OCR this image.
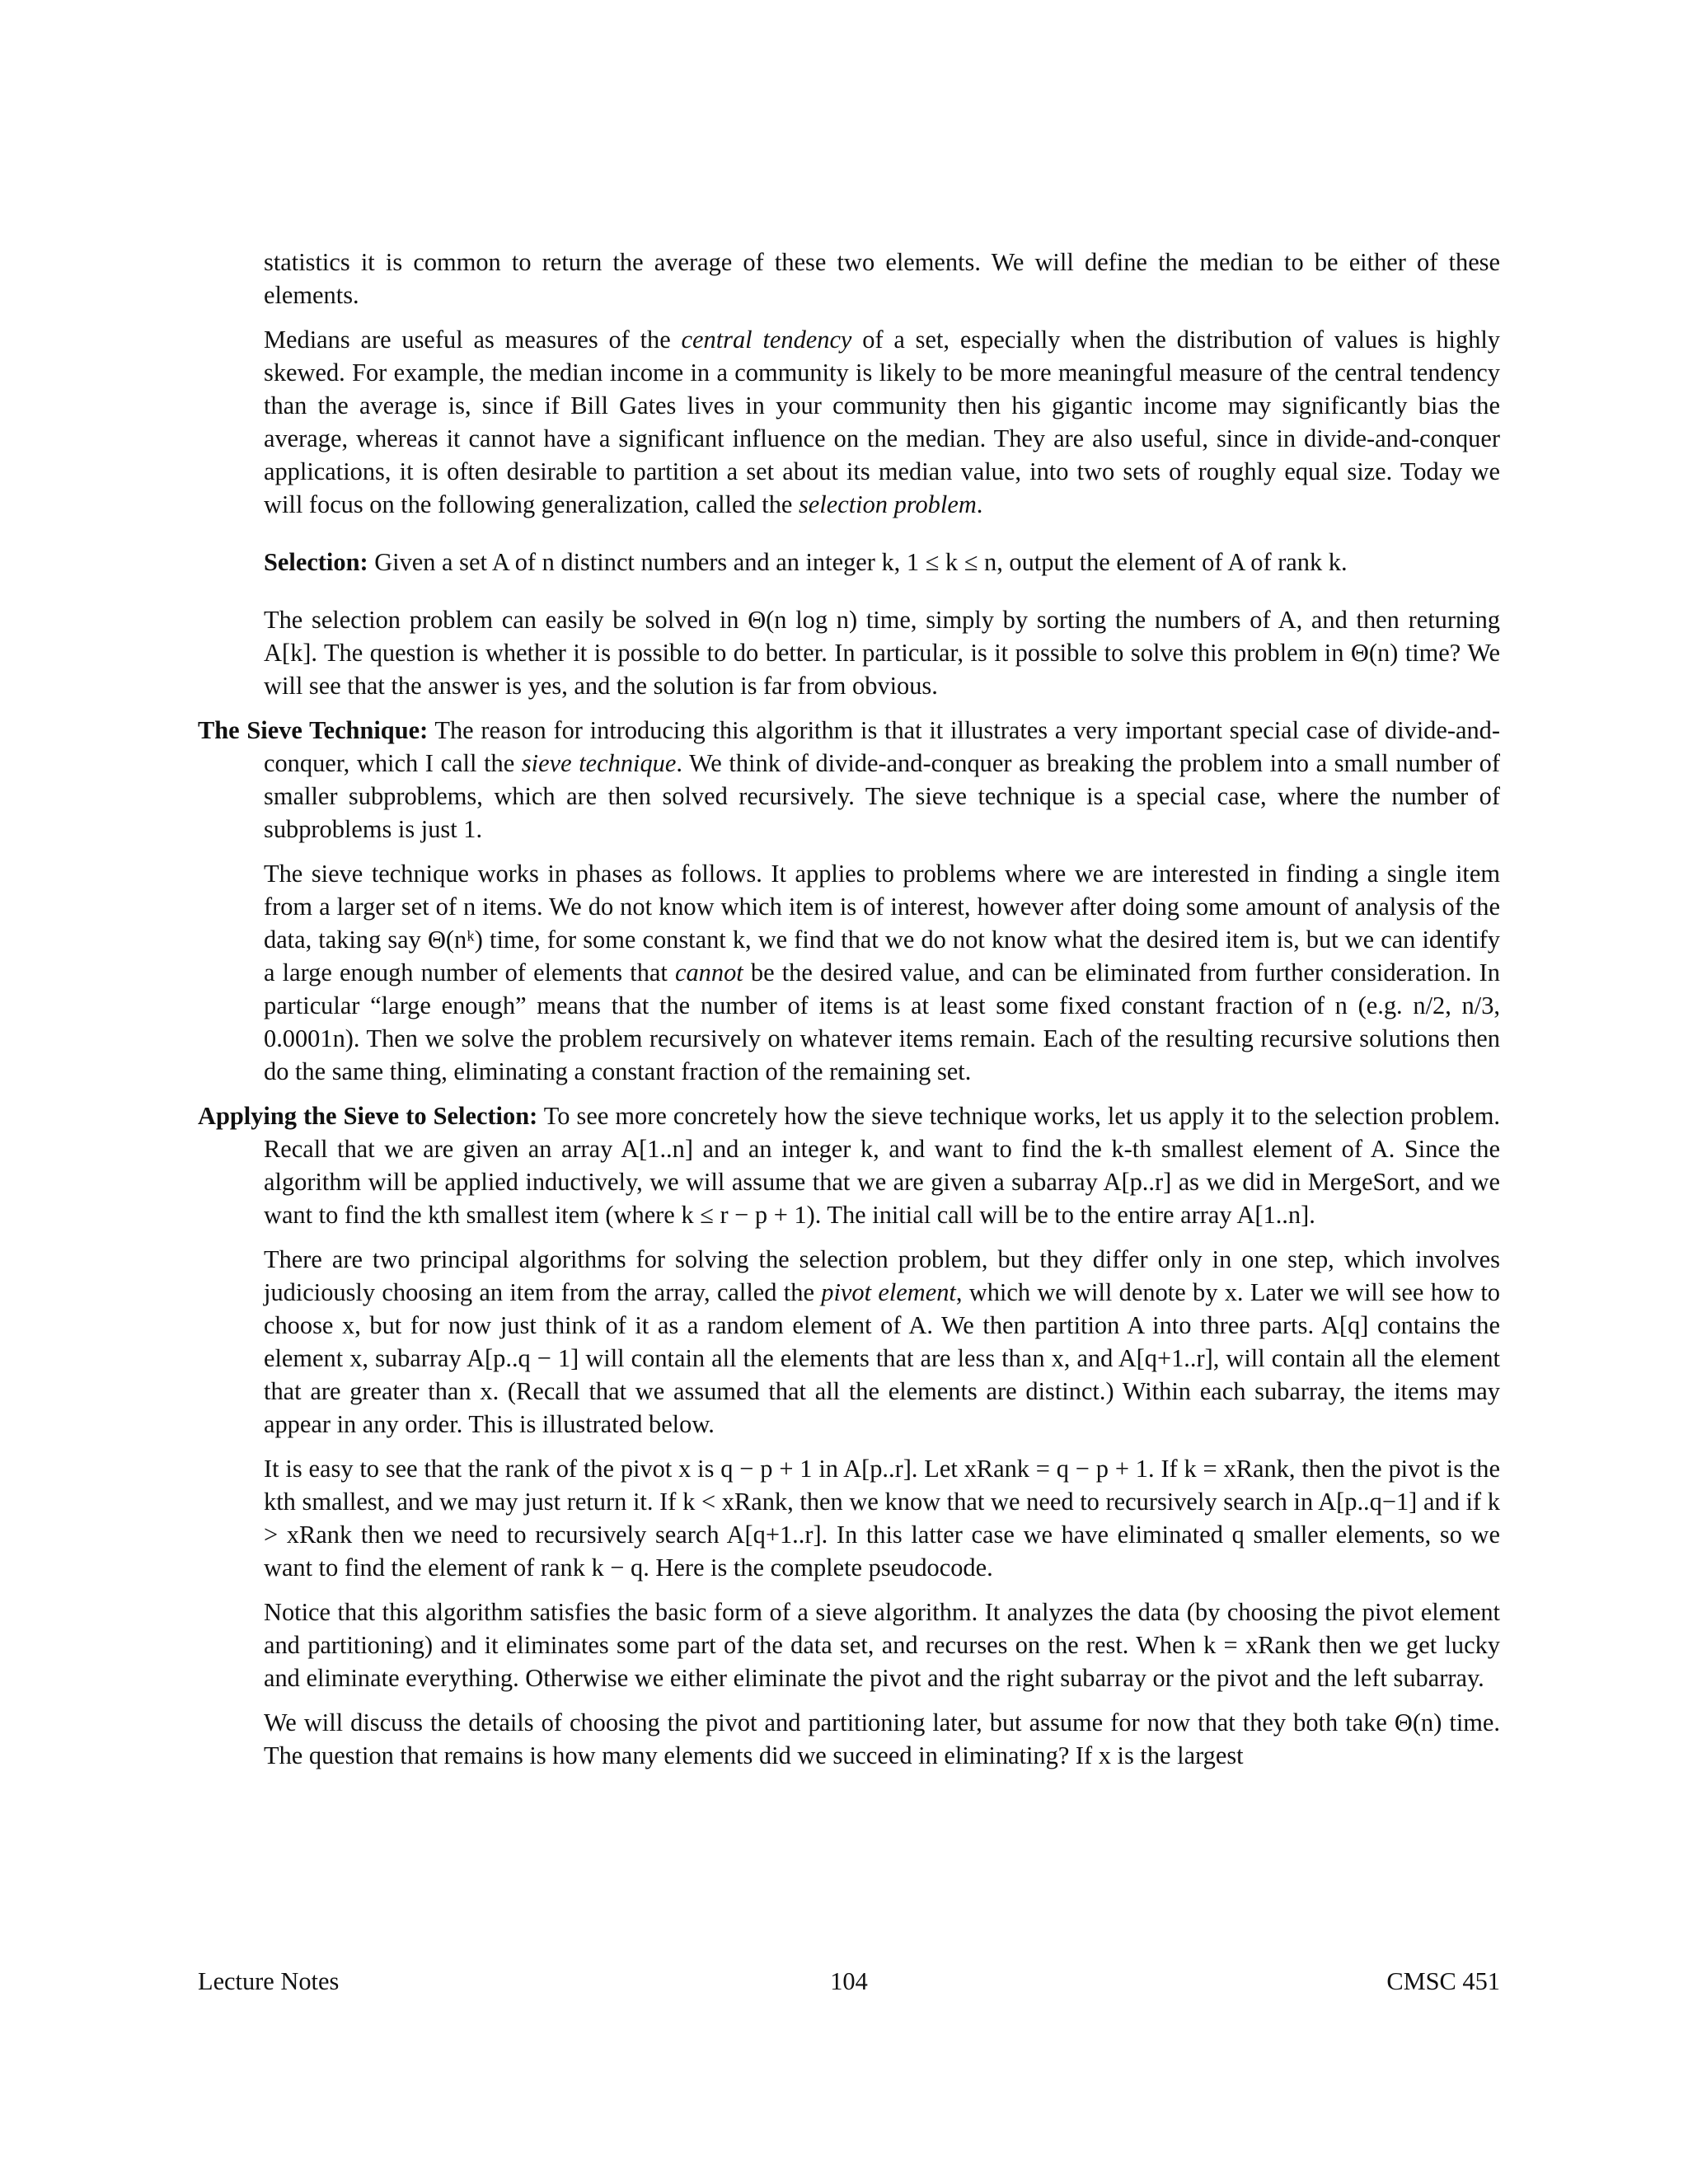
statistics it is common to return the average of these two elements. We will define the median to be either of these elements.

Medians are useful as measures of the central tendency of a set, especially when the distribution of values is highly skewed. For example, the median income in a community is likely to be more meaningful measure of the central tendency than the average is, since if Bill Gates lives in your community then his gigantic income may significantly bias the average, whereas it cannot have a significant influence on the median. They are also useful, since in divide-and-conquer applications, it is often desirable to partition a set about its median value, into two sets of roughly equal size. Today we will focus on the following generalization, called the selection problem.

Selection: Given a set A of n distinct numbers and an integer k, 1 ≤ k ≤ n, output the element of A of rank k.

The selection problem can easily be solved in Θ(n log n) time, simply by sorting the numbers of A, and then returning A[k]. The question is whether it is possible to do better. In particular, is it possible to solve this problem in Θ(n) time? We will see that the answer is yes, and the solution is far from obvious.

The Sieve Technique: The reason for introducing this algorithm is that it illustrates a very important special case of divide-and-conquer, which I call the sieve technique. We think of divide-and-conquer as breaking the problem into a small number of smaller subproblems, which are then solved recursively. The sieve technique is a special case, where the number of subproblems is just 1.

The sieve technique works in phases as follows. It applies to problems where we are interested in finding a single item from a larger set of n items. We do not know which item is of interest, however after doing some amount of analysis of the data, taking say Θ(nᵏ) time, for some constant k, we find that we do not know what the desired item is, but we can identify a large enough number of elements that cannot be the desired value, and can be eliminated from further consideration. In particular “large enough” means that the number of items is at least some fixed constant fraction of n (e.g. n/2, n/3, 0.0001n). Then we solve the problem recursively on whatever items remain. Each of the resulting recursive solutions then do the same thing, eliminating a constant fraction of the remaining set.

Applying the Sieve to Selection: To see more concretely how the sieve technique works, let us apply it to the selection problem. Recall that we are given an array A[1..n] and an integer k, and want to find the k-th smallest element of A. Since the algorithm will be applied inductively, we will assume that we are given a subarray A[p..r] as we did in MergeSort, and we want to find the kth smallest item (where k ≤ r − p + 1). The initial call will be to the entire array A[1..n].

There are two principal algorithms for solving the selection problem, but they differ only in one step, which involves judiciously choosing an item from the array, called the pivot element, which we will denote by x. Later we will see how to choose x, but for now just think of it as a random element of A. We then partition A into three parts. A[q] contains the element x, subarray A[p..q − 1] will contain all the elements that are less than x, and A[q+1..r], will contain all the element that are greater than x. (Recall that we assumed that all the elements are distinct.) Within each subarray, the items may appear in any order. This is illustrated below.

It is easy to see that the rank of the pivot x is q − p + 1 in A[p..r]. Let xRank = q − p + 1. If k = xRank, then the pivot is the kth smallest, and we may just return it. If k < xRank, then we know that we need to recursively search in A[p..q−1] and if k > xRank then we need to recursively search A[q+1..r]. In this latter case we have eliminated q smaller elements, so we want to find the element of rank k − q. Here is the complete pseudocode.

Notice that this algorithm satisfies the basic form of a sieve algorithm. It analyzes the data (by choosing the pivot element and partitioning) and it eliminates some part of the data set, and recurses on the rest. When k = xRank then we get lucky and eliminate everything. Otherwise we either eliminate the pivot and the right subarray or the pivot and the left subarray.

We will discuss the details of choosing the pivot and partitioning later, but assume for now that they both take Θ(n) time. The question that remains is how many elements did we succeed in eliminating? If x is the largest

Lecture Notes	104	CMSC 451
